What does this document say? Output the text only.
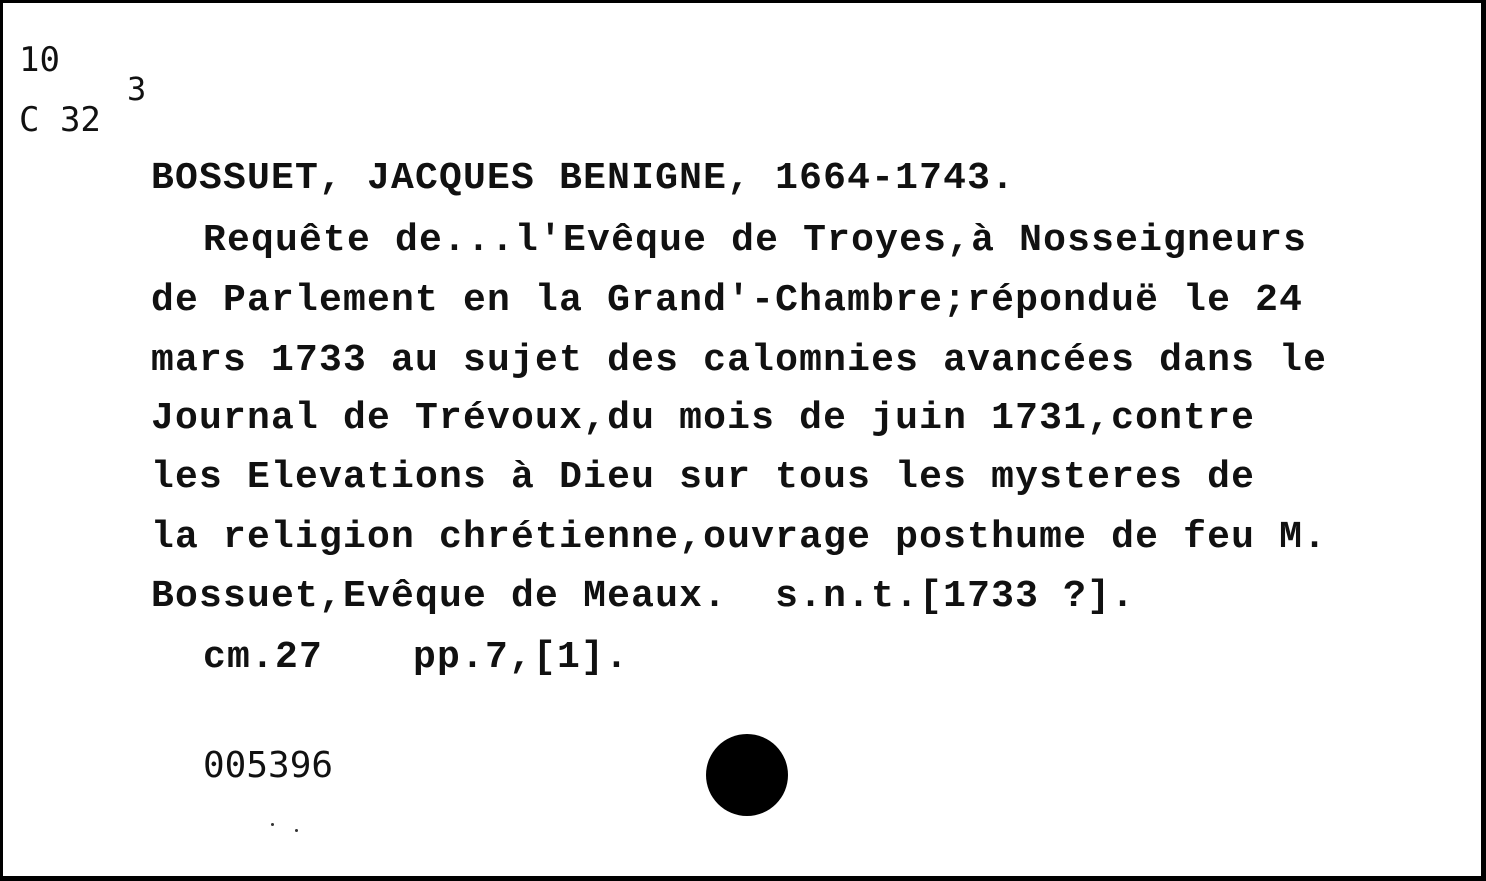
10
C 32
3
BOSSUET, JACQUES BENIGNE, 1664-1743.
Requête de...l'Evêque de Troyes,à Nosseigneurs
de Parlement en la Grand'-Chambre;réponduë le 24
mars 1733 au sujet des calomnies avancées dans le
Journal de Trévoux,du mois de juin 1731,contre
les Elevations à Dieu sur tous les mysteres de
la religion chrétienne,ouvrage posthume de feu M.
Bossuet,Evêque de Meaux.  s.n.t.[1733 ?].
cm.27 pp.7,[1].
005396
